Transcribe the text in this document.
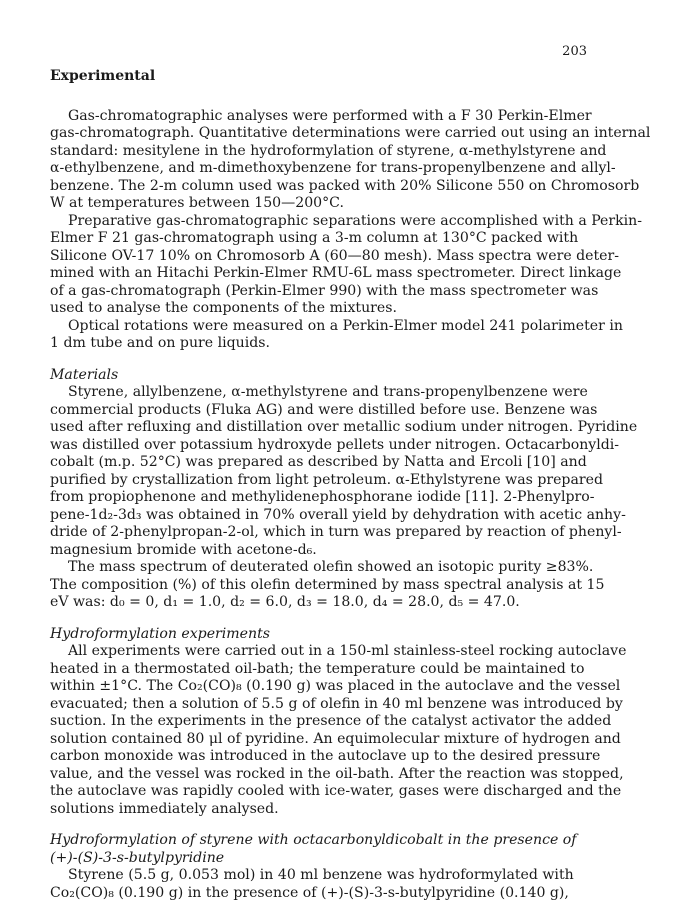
203
Experimental
Gas-chromatographic analyses were performed with a F 30 Perkin-Elmer
gas-chromatograph. Quantitative determinations were carried out using an internal
standard: mesitylene in the hydroformylation of styrene, α-methylstyrene and
α-ethylbenzene, and m-dimethoxybenzene for trans-propenylbenzene and allyl-
benzene. The 2-m column used was packed with 20% Silicone 550 on Chromosorb
W at temperatures between 150—200°C.
Preparative gas-chromatographic separations were accomplished with a Perkin-
Elmer F 21 gas-chromatograph using a 3-m column at 130°C packed with
Silicone OV-17 10% on Chromosorb A (60—80 mesh). Mass spectra were deter-
mined with an Hitachi Perkin-Elmer RMU-6L mass spectrometer. Direct linkage
of a gas-chromatograph (Perkin-Elmer 990) with the mass spectrometer was
used to analyse the components of the mixtures.
Optical rotations were measured on a Perkin-Elmer model 241 polarimeter in
1 dm tube and on pure liquids.
Materials
Styrene, allylbenzene, α-methylstyrene and trans-propenylbenzene were
commercial products (Fluka AG) and were distilled before use. Benzene was
used after refluxing and distillation over metallic sodium under nitrogen. Pyridine
was distilled over potassium hydroxyde pellets under nitrogen. Octacarbonyldi-
cobalt (m.p. 52°C) was prepared as described by Natta and Ercoli [10] and
purified by crystallization from light petroleum. α-Ethylstyrene was prepared
from propiophenone and methylidenephosphorane iodide [11]. 2-Phenylpro-
pene-1d₂-3d₃ was obtained in 70% overall yield by dehydration with acetic anhy-
dride of 2-phenylpropan-2-ol, which in turn was prepared by reaction of phenyl-
magnesium bromide with acetone-d₆.
The mass spectrum of deuterated olefin showed an isotopic purity ≥83%.
The composition (%) of this olefin determined by mass spectral analysis at 15
eV was: d₀ = 0, d₁ = 1.0, d₂ = 6.0, d₃ = 18.0, d₄ = 28.0, d₅ = 47.0.
Hydroformylation experiments
All experiments were carried out in a 150-ml stainless-steel rocking autoclave
heated in a thermostated oil-bath; the temperature could be maintained to
within ±1°C. The Co₂(CO)₈ (0.190 g) was placed in the autoclave and the vessel
evacuated; then a solution of 5.5 g of olefin in 40 ml benzene was introduced by
suction. In the experiments in the presence of the catalyst activator the added
solution contained 80 μl of pyridine. An equimolecular mixture of hydrogen and
carbon monoxide was introduced in the autoclave up to the desired pressure
value, and the vessel was rocked in the oil-bath. After the reaction was stopped,
the autoclave was rapidly cooled with ice-water, gases were discharged and the
solutions immediately analysed.
Hydroformylation of styrene with octacarbonyldicobalt in the presence of
(+)-(S)-3-s-butylpyridine
Styrene (5.5 g, 0.053 mol) in 40 ml benzene was hydroformylated with
Co₂(CO)₈ (0.190 g) in the presence of (+)-(S)-3-s-butylpyridine (0.140 g),
